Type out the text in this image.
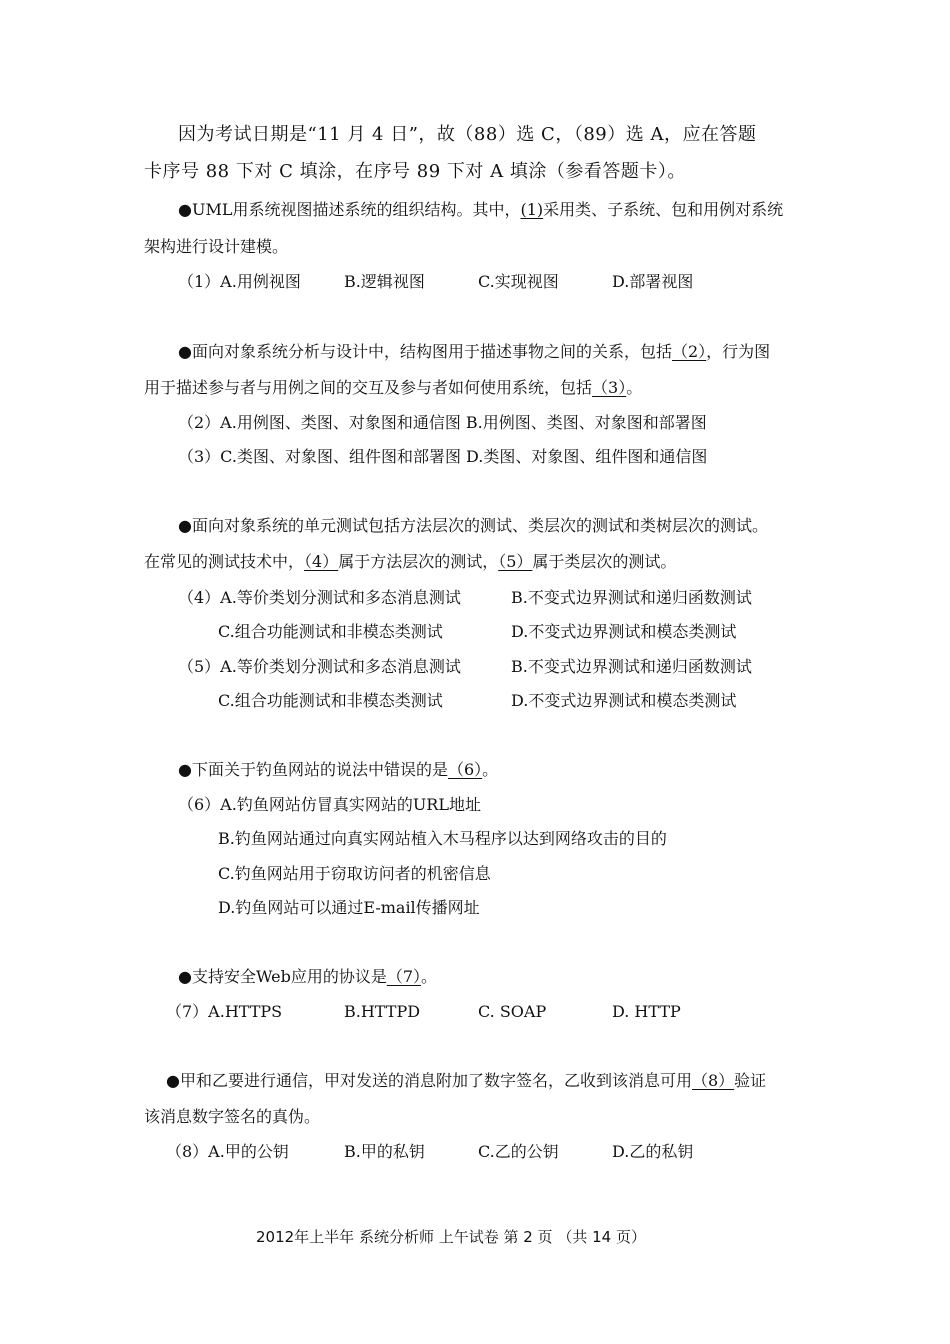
因为考试日期是“11 月 4 日”，故（88）选 C，（89）选 A，应在答题
卡序号 88 下对 C 填涂，在序号 89 下对 A 填涂（参看答题卡）。
●UML用系统视图描述系统的组织结构。其中，(1)采用类、子系统、包和用例对系统
架构进行设计建模。
（1）A.用例视图	B.逻辑视图	C.实现视图	D.部署视图
●面向对象系统分析与设计中，结构图用于描述事物之间的关系，包括（2），行为图
用于描述参与者与用例之间的交互及参与者如何使用系统，包括（3）。
（2）A.用例图、类图、对象图和通信图 B.用例图、类图、对象图和部署图
（3）C.类图、对象图、组件图和部署图 D.类图、对象图、组件图和通信图
●面向对象系统的单元测试包括方法层次的测试、类层次的测试和类树层次的测试。
在常见的测试技术中，（4）属于方法层次的测试，（5）属于类层次的测试。
（4）A.等价类划分测试和多态消息测试	B.不变式边界测试和递归函数测试
C.组合功能测试和非模态类测试	D.不变式边界测试和模态类测试
（5）A.等价类划分测试和多态消息测试	B.不变式边界测试和递归函数测试
C.组合功能测试和非模态类测试	D.不变式边界测试和模态类测试
●下面关于钓鱼网站的说法中错误的是（6）。
（6）A.钓鱼网站仿冒真实网站的URL地址
B.钓鱼网站通过向真实网站植入木马程序以达到网络攻击的目的
C.钓鱼网站用于窃取访问者的机密信息
D.钓鱼网站可以通过E-mail传播网址
●支持安全Web应用的协议是（7）。
（7）A.HTTPS	B.HTTPD	C. SOAP	D. HTTP
●甲和乙要进行通信，甲对发送的消息附加了数字签名，乙收到该消息可用（8）验证
该消息数字签名的真伪。
（8）A.甲的公钥	B.甲的私钥	C.乙的公钥	D.乙的私钥
2012年上半年 系统分析师 上午试卷 第 2 页 （共 14 页）
